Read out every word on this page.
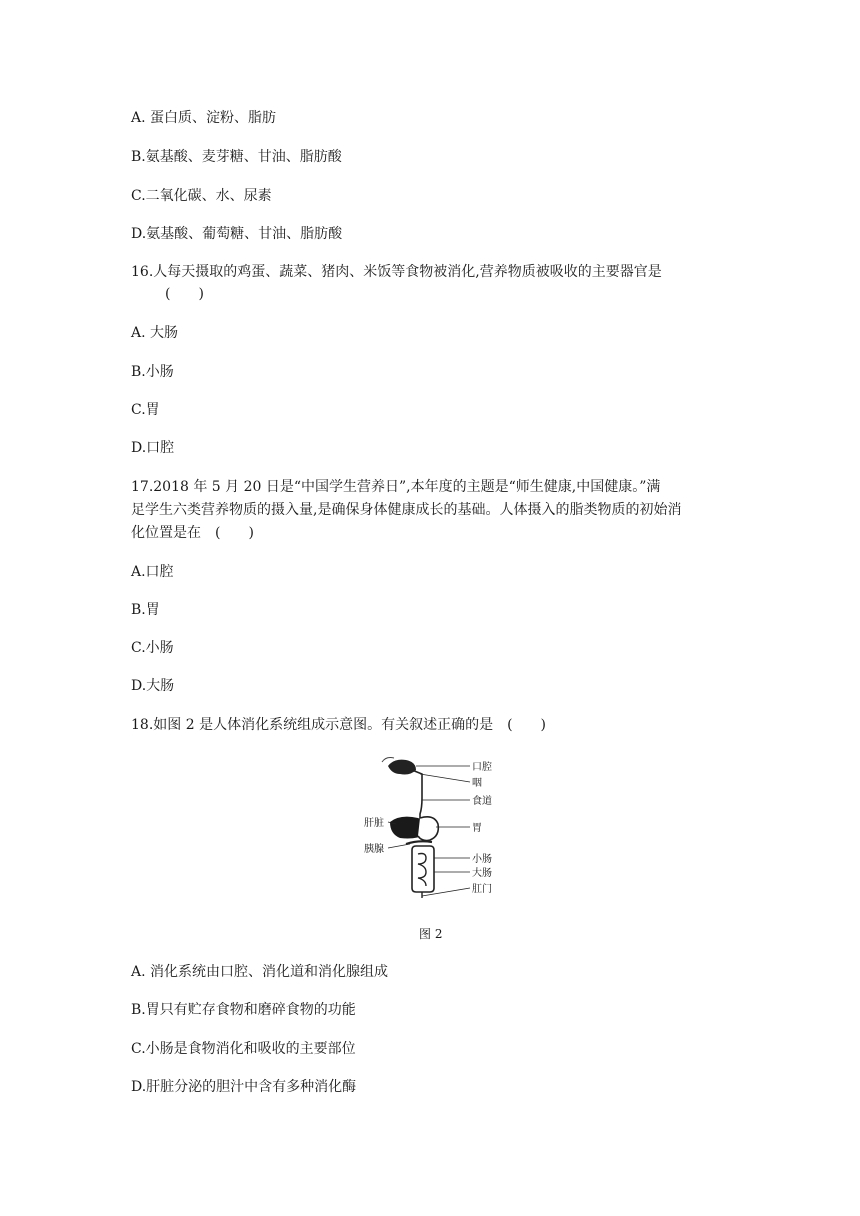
A. 蛋白质、淀粉、脂肪
B.氨基酸、麦芽糖、甘油、脂肪酸
C.二氧化碳、水、尿素
D.氨基酸、葡萄糖、甘油、脂肪酸
16.人每天摄取的鸡蛋、蔬菜、猪肉、米饭等食物被消化,营养物质被吸收的主要器官是
(　　)
A. 大肠
B.小肠
C.胃
D.口腔
17.2018 年 5 月 20 日是“中国学生营养日”,本年度的主题是“师生健康,中国健康。”满
足学生六类营养物质的摄入量,是确保身体健康成长的基础。人体摄入的脂类物质的初始消
化位置是在　(　　)
A.口腔
B.胃
C.小肠
D.大肠
18.如图 2 是人体消化系统组成示意图。有关叙述正确的是　(　　)
口腔
咽
食道
胃
小肠
大肠
肛门
肝脏
胰腺
图 2
A. 消化系统由口腔、消化道和消化腺组成
B.胃只有贮存食物和磨碎食物的功能
C.小肠是食物消化和吸收的主要部位
D.肝脏分泌的胆汁中含有多种消化酶
